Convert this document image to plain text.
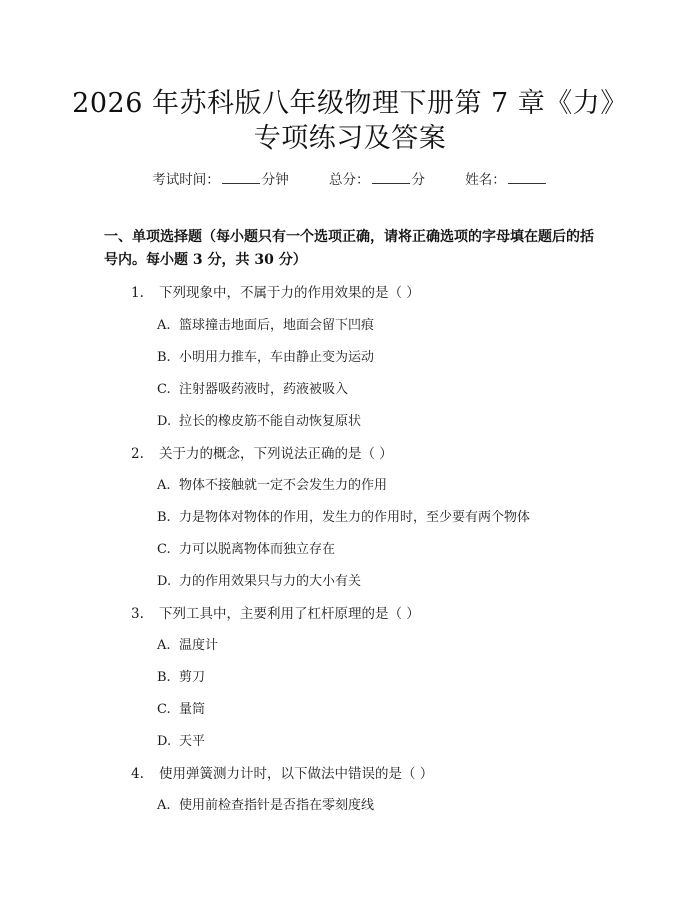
2026 年苏科版八年级物理下册第 7 章《力》
专项练习及答案
考试时间：	分钟	总分：	分	姓名：
一、单项选择题（每小题只有一个选项正确，请将正确选项的字母填在题后的括号内。每小题 3 分，共 30 分）
1. 下列现象中，不属于力的作用效果的是（ ）
A. 篮球撞击地面后，地面会留下凹痕
B. 小明用力推车，车由静止变为运动
C. 注射器吸药液时，药液被吸入
D. 拉长的橡皮筋不能自动恢复原状
2. 关于力的概念，下列说法正确的是（ ）
A. 物体不接触就一定不会发生力的作用
B. 力是物体对物体的作用，发生力的作用时，至少要有两个物体
C. 力可以脱离物体而独立存在
D. 力的作用效果只与力的大小有关
3. 下列工具中，主要利用了杠杆原理的是（ ）
A. 温度计
B. 剪刀
C. 量筒
D. 天平
4. 使用弹簧测力计时，以下做法中错误的是（ ）
A. 使用前检查指针是否指在零刻度线
